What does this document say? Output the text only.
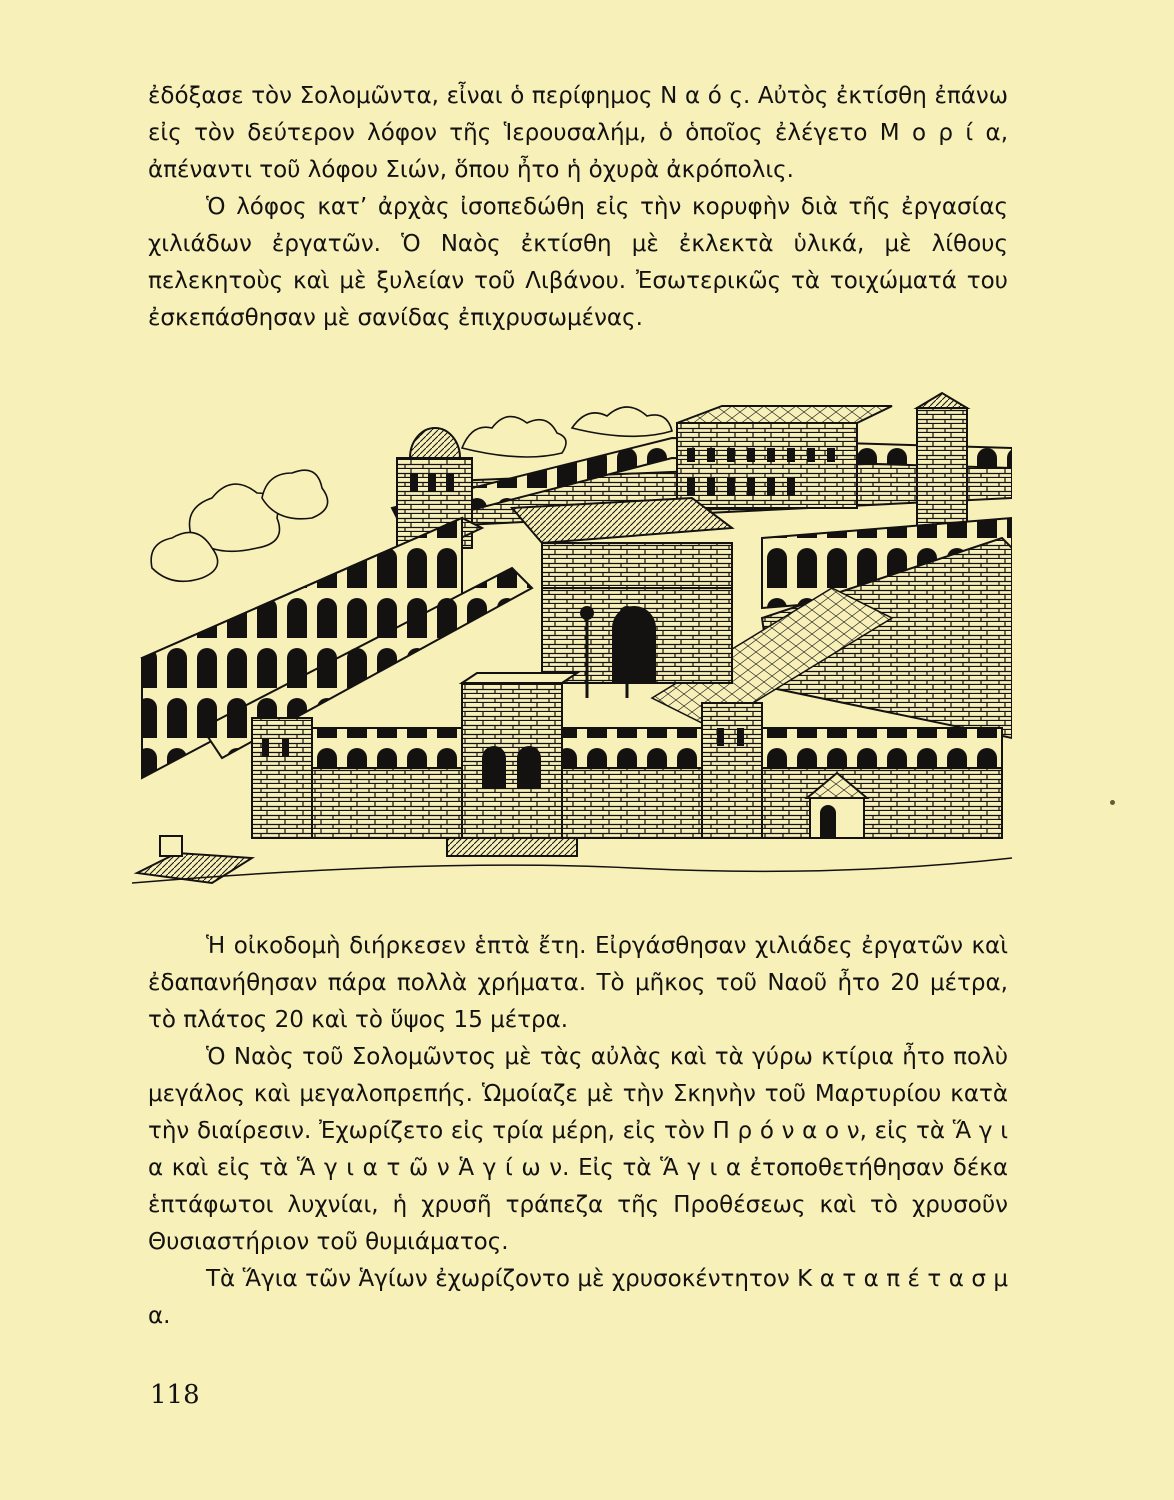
ἐδόξασε τὸν Σολομῶντα, εἶναι ὁ περίφημος Ν α ό ς. Αὐτὸς ἐκτίσθη ἐπάνω εἰς τὸν δεύτερον λόφον τῆς Ἱερουσαλήμ, ὁ ὁποῖος ἐλέγετο Μ ο ρ ί α, ἀπέναντι τοῦ λόφου Σιών, ὅπου ἦτο ἡ ὀχυρὰ ἀκρόπολις.

Ὁ λόφος κατ’ ἀρχὰς ἰσοπεδώθη εἰς τὴν κορυφὴν διὰ τῆς ἐργασίας χιλιάδων ἐργατῶν. Ὁ Ναὸς ἐκτίσθη μὲ ἐκλεκτὰ ὑλικά, μὲ λίθους πελεκητοὺς καὶ μὲ ξυλείαν τοῦ Λιβάνου. Ἐσωτερικῶς τὰ τοιχώματά του ἐσκεπάσθησαν μὲ σανίδας ἐπιχρυσωμένας.

Ἡ οἰκοδομὴ διήρκεσεν ἑπτὰ ἔτη. Εἰργάσθησαν χιλιάδες ἐργατῶν καὶ ἐδαπανήθησαν πάρα πολλὰ χρήματα. Τὸ μῆκος τοῦ Ναοῦ ἦτο 20 μέτρα, τὸ πλάτος 20 καὶ τὸ ὕψος 15 μέτρα.

Ὁ Ναὸς τοῦ Σολομῶντος μὲ τὰς αὐλὰς καὶ τὰ γύρω κτίρια ἦτο πολὺ μεγάλος καὶ μεγαλοπρεπής. Ὡμοίαζε μὲ τὴν Σκηνὴν τοῦ Μαρτυρίου κατὰ τὴν διαίρεσιν. Ἐχωρίζετο εἰς τρία μέρη, εἰς τὸν Π ρ ό ν α ο ν, εἰς τὰ Ἅ γ ι α καὶ εἰς τὰ Ἅ γ ι α τ ῶ ν Ἁ γ ί ω ν. Εἰς τὰ Ἅ γ ι α ἐτοποθετήθησαν δέκα ἑπτάφωτοι λυχνίαι, ἡ χρυσῆ τράπεζα τῆς Προθέσεως καὶ τὸ χρυσοῦν Θυσιαστήριον τοῦ θυμιάματος.

Τὰ Ἅγια τῶν Ἁγίων ἐχωρίζοντο μὲ χρυσοκέντητον Κ α τ α π έ τ α σ μ α.

118
